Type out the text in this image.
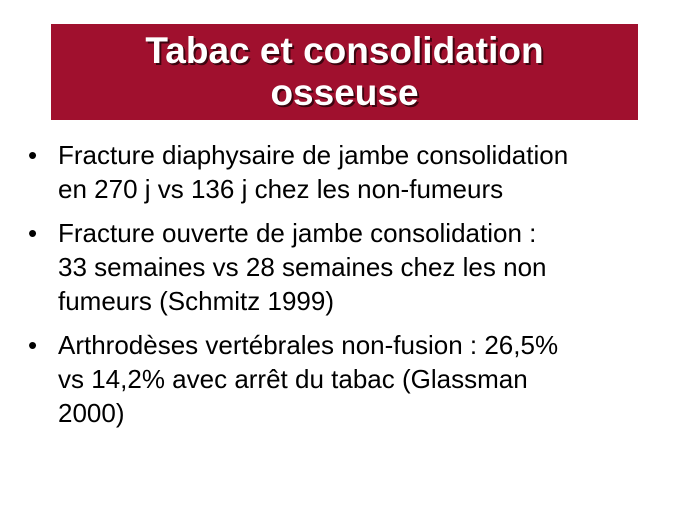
Tabac et consolidation
osseuse
• Fracture diaphysaire de jambe consolidation
en 270 j vs 136 j chez les non-fumeurs
• Fracture ouverte de jambe consolidation :
33 semaines vs 28 semaines chez les non
fumeurs (Schmitz 1999)
• Arthrodèses vertébrales non-fusion : 26,5%
vs 14,2% avec arrêt du tabac (Glassman
2000)
